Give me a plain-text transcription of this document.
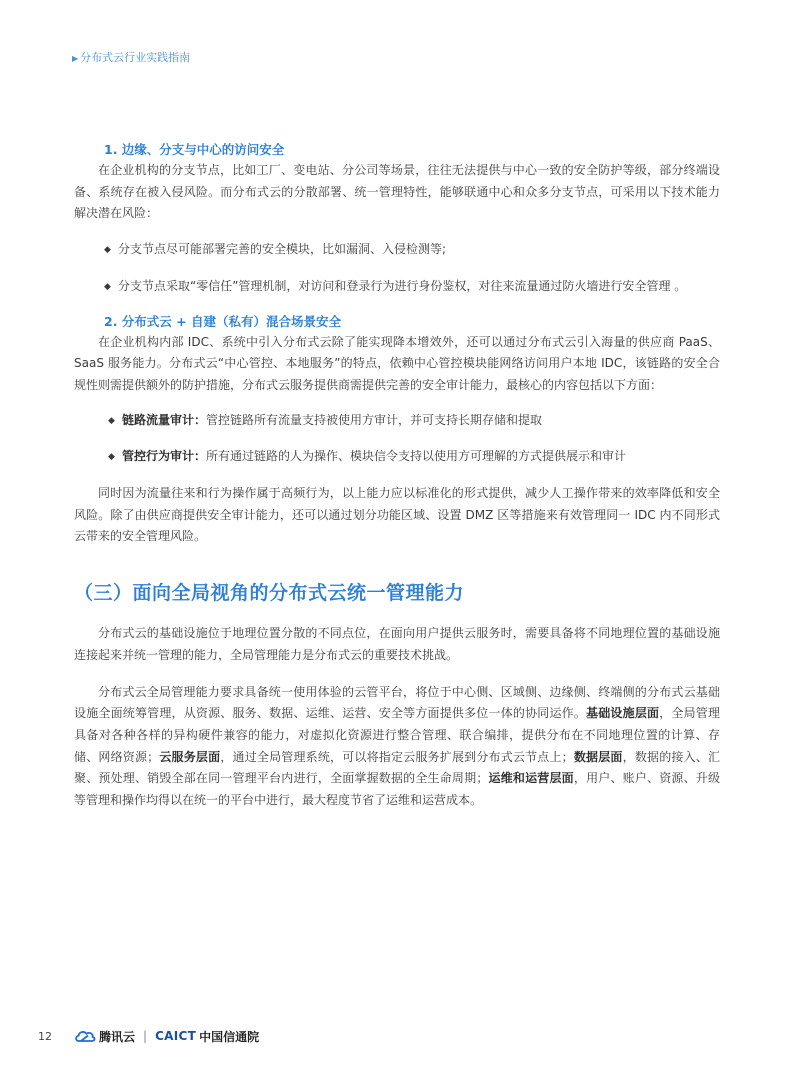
▶ 分布式云行业实践指南

1. 边缘、分支与中心的访问安全

在企业机构的分支节点，比如工厂、变电站、分公司等场景，往往无法提供与中心一致的安全防护等级，部分终端设备、系统存在被入侵风险。而分布式云的分散部署、统一管理特性，能够联通中心和众多分支节点，可采用以下技术能力解决潜在风险：

◆ 分支节点尽可能部署完善的安全模块，比如漏洞、入侵检测等;

◆ 分支节点采取“零信任”管理机制，对访问和登录行为进行身份鉴权，对往来流量通过防火墙进行安全管理 。

2. 分布式云 + 自建（私有）混合场景安全

在企业机构内部 IDC、系统中引入分布式云除了能实现降本增效外，还可以通过分布式云引入海量的供应商 PaaS、SaaS 服务能力。分布式云“中心管控、本地服务”的特点，依赖中心管控模块能网络访问用户本地 IDC，该链路的安全合规性则需提供额外的防护措施，分布式云服务提供商需提供完善的安全审计能力，最核心的内容包括以下方面：

◆ 链路流量审计：管控链路所有流量支持被使用方审计，并可支持长期存储和提取

◆ 管控行为审计：所有通过链路的人为操作、模块信令支持以使用方可理解的方式提供展示和审计

同时因为流量往来和行为操作属于高频行为，以上能力应以标准化的形式提供，减少人工操作带来的效率降低和安全风险。除了由供应商提供安全审计能力，还可以通过划分功能区域、设置 DMZ 区等措施来有效管理同一 IDC 内不同形式云带来的安全管理风险。

（三）面向全局视角的分布式云统一管理能力

分布式云的基础设施位于地理位置分散的不同点位，在面向用户提供云服务时，需要具备将不同地理位置的基础设施连接起来并统一管理的能力，全局管理能力是分布式云的重要技术挑战。

分布式云全局管理能力要求具备统一使用体验的云管平台，将位于中心侧、区域侧、边缘侧、终端侧的分布式云基础设施全面统筹管理，从资源、服务、数据、运维、运营、安全等方面提供多位一体的协同运作。基础设施层面，全局管理具备对各种各样的异构硬件兼容的能力，对虚拟化资源进行整合管理、联合编排，提供分布在不同地理位置的计算、存储、网络资源；云服务层面，通过全局管理系统，可以将指定云服务扩展到分布式云节点上；数据层面，数据的接入、汇聚、预处理、销毁全部在同一管理平台内进行，全面掌握数据的全生命周期；运维和运营层面，用户、账户、资源、升级等管理和操作均得以在统一的平台中进行，最大程度节省了运维和运营成本。

12	腾讯云 | CAICT 中国信通院
